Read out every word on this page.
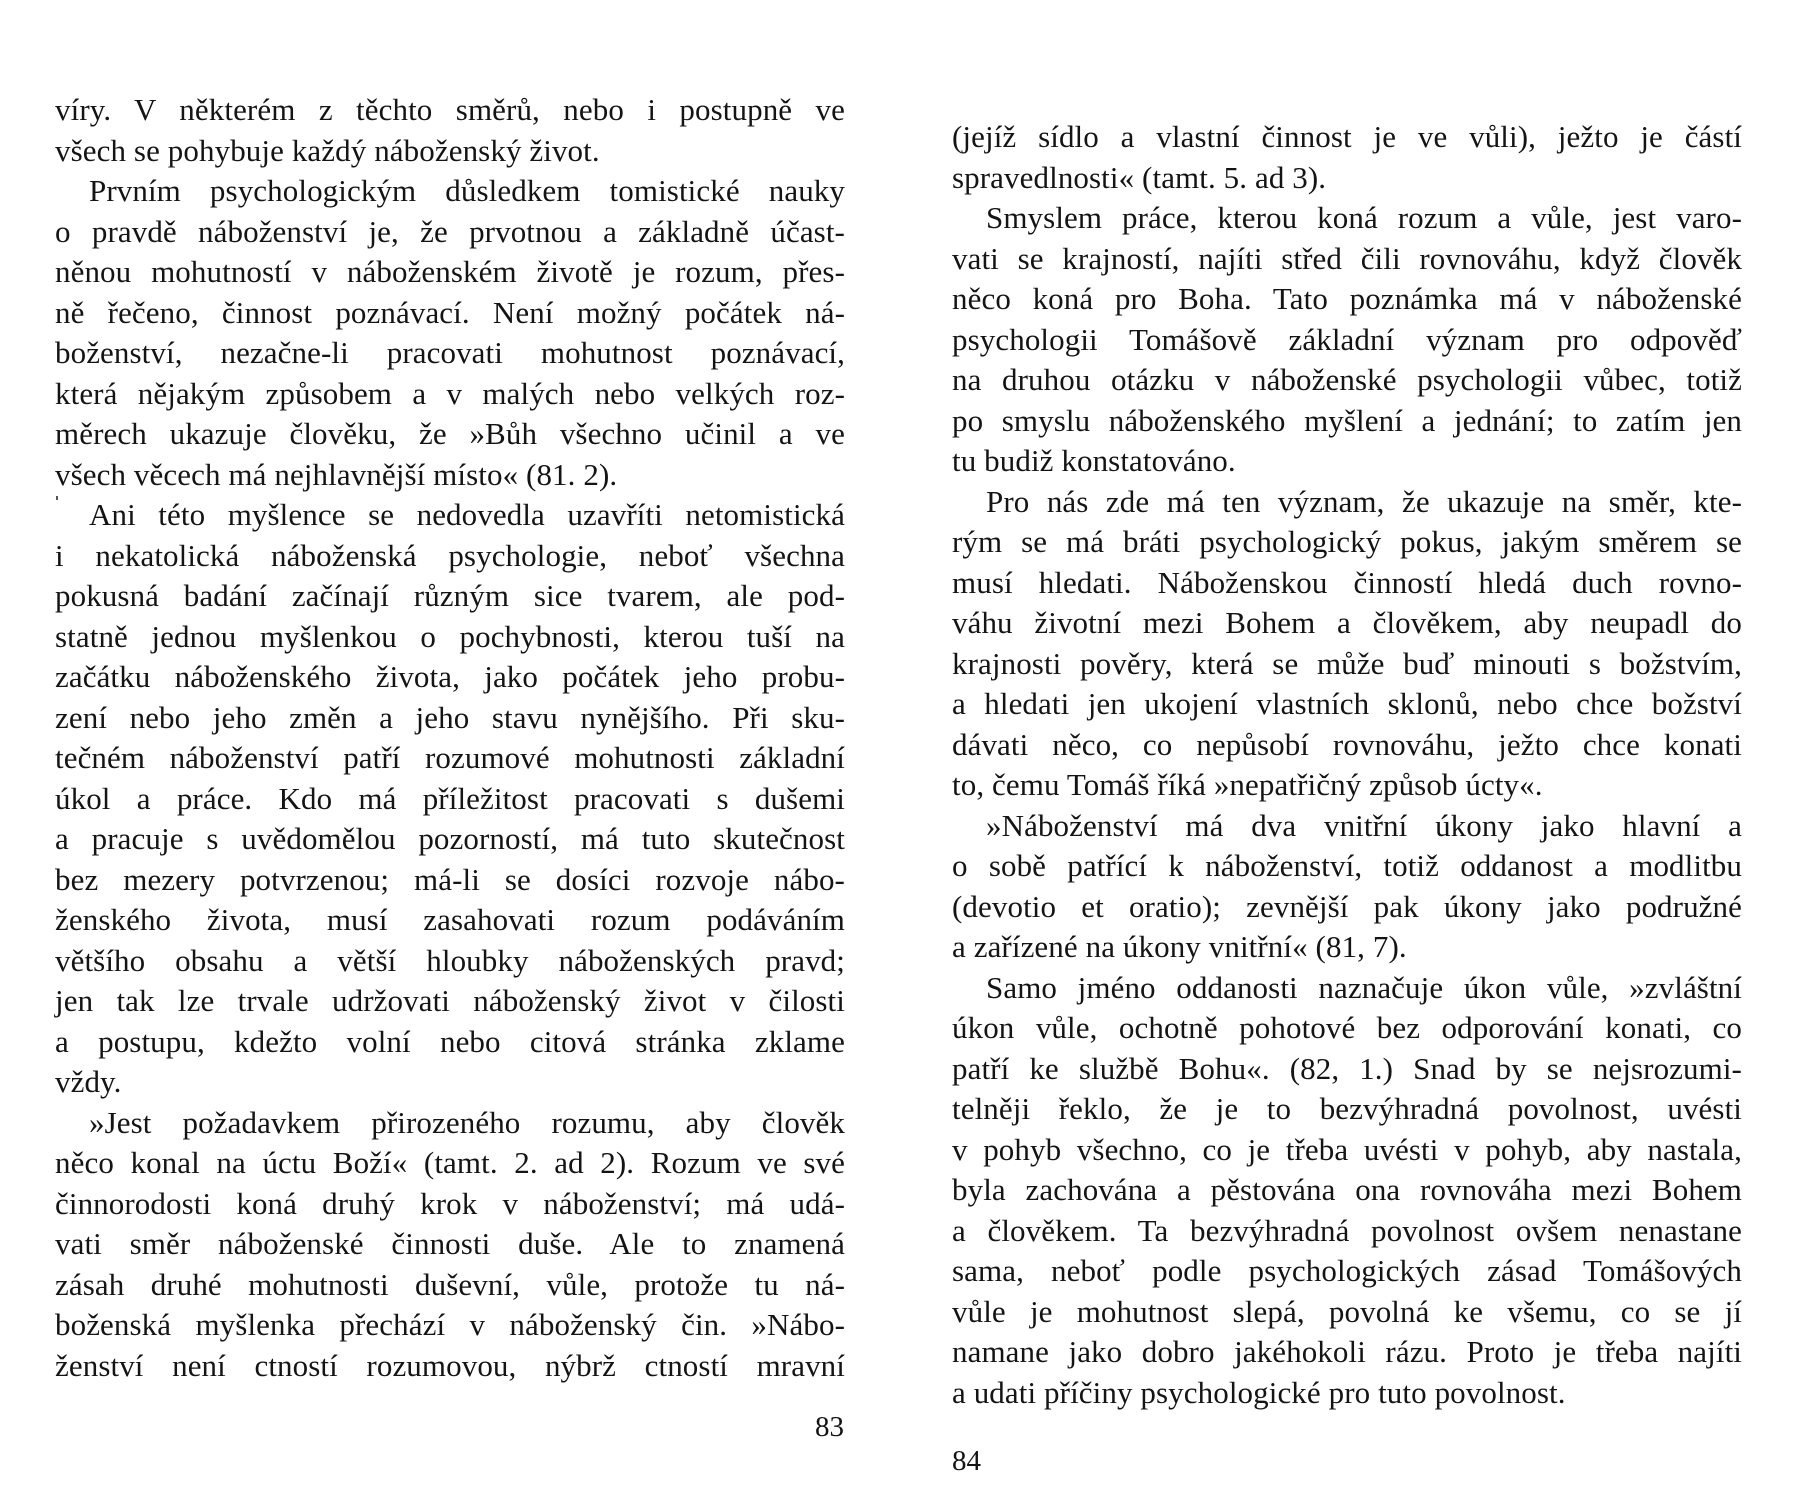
víry. V některém z těchto směrů, nebo i postupně ve
všech se pohybuje každý náboženský život.
Prvním psychologickým důsledkem tomistické nauky
o pravdě náboženství je, že prvotnou a základně účast-
něnou mohutností v náboženském životě je rozum, přes-
ně řečeno, činnost poznávací. Není možný počátek ná-
boženství, nezačne-li pracovati mohutnost poznávací,
která nějakým způsobem a v malých nebo velkých roz-
měrech ukazuje člověku, že »Bůh všechno učinil a ve
všech věcech má nejhlavnější místo« (81. 2).
Ani této myšlence se nedovedla uzavříti netomistická
i nekatolická náboženská psychologie, neboť všechna
pokusná badání začínají různým sice tvarem, ale pod-
statně jednou myšlenkou o pochybnosti, kterou tuší na
začátku náboženského života, jako počátek jeho probu-
zení nebo jeho změn a jeho stavu nynějšího. Při sku-
tečném náboženství patří rozumové mohutnosti základní
úkol a práce. Kdo má příležitost pracovati s dušemi
a pracuje s uvědomělou pozorností, má tuto skutečnost
bez mezery potvrzenou; má-li se dosíci rozvoje nábo-
ženského života, musí zasahovati rozum podáváním
většího obsahu a větší hloubky náboženských pravd;
jen tak lze trvale udržovati náboženský život v čilosti
a postupu, kdežto volní nebo citová stránka zklame
vždy.
»Jest požadavkem přirozeného rozumu, aby člověk
něco konal na úctu Boží« (tamt. 2. ad 2). Rozum ve své
činnorodosti koná druhý krok v náboženství; má udá-
vati směr náboženské činnosti duše. Ale to znamená
zásah druhé mohutnosti duševní, vůle, protože tu ná-
boženská myšlenka přechází v náboženský čin. »Nábo-
ženství není ctností rozumovou, nýbrž ctností mravní
83
(jejíž sídlo a vlastní činnost je ve vůli), ježto je částí
spravedlnosti« (tamt. 5. ad 3).
Smyslem práce, kterou koná rozum a vůle, jest varo-
vati se krajností, najíti střed čili rovnováhu, když člověk
něco koná pro Boha. Tato poznámka má v náboženské
psychologii Tomášově základní význam pro odpověď
na druhou otázku v náboženské psychologii vůbec, totiž
po smyslu náboženského myšlení a jednání; to zatím jen
tu budiž konstatováno.
Pro nás zde má ten význam, že ukazuje na směr, kte-
rým se má bráti psychologický pokus, jakým směrem se
musí hledati. Náboženskou činností hledá duch rovno-
váhu životní mezi Bohem a člověkem, aby neupadl do
krajnosti pověry, která se může buď minouti s božstvím,
a hledati jen ukojení vlastních sklonů, nebo chce božství
dávati něco, co nepůsobí rovnováhu, ježto chce konati
to, čemu Tomáš říká »nepatřičný způsob úcty«.
»Náboženství má dva vnitřní úkony jako hlavní a
o sobě patřící k náboženství, totiž oddanost a modlitbu
(devotio et oratio); zevnější pak úkony jako podružné
a zařízené na úkony vnitřní« (81, 7).
Samo jméno oddanosti naznačuje úkon vůle, »zvláštní
úkon vůle, ochotně pohotové bez odporování konati, co
patří ke službě Bohu«. (82, 1.) Snad by se nejsrozumi-
telněji řeklo, že je to bezvýhradná povolnost, uvésti
v pohyb všechno, co je třeba uvésti v pohyb, aby nastala,
byla zachována a pěstována ona rovnováha mezi Bohem
a člověkem. Ta bezvýhradná povolnost ovšem nenastane
sama, neboť podle psychologických zásad Tomášových
vůle je mohutnost slepá, povolná ke všemu, co se jí
namane jako dobro jakéhokoli rázu. Proto je třeba najíti
a udati příčiny psychologické pro tuto povolnost.
84
